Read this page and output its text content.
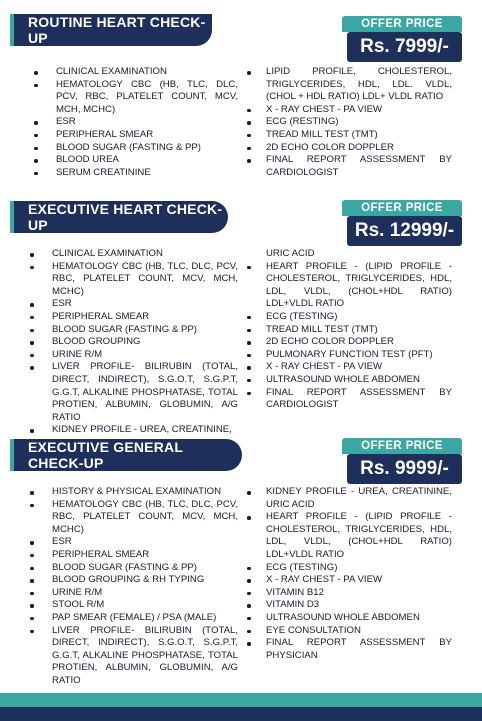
ROUTINE HEART CHECK-UP
OFFER PRICE
Rs. 7999/-
CLINICAL EXAMINATION
HEMATOLOGY CBC (HB, TLC, DLC, PCV, RBC, PLATELET COUNT, MCV, MCH, MCHC)
ESR
PERIPHERAL SMEAR
BLOOD SUGAR (FASTING & PP)
BLOOD UREA
SERUM CREATININE
LIPID PROFILE, CHOLESTEROL, TRIGLYCERIDES, HDL, LDL. VLDL, (CHOL + HDL RATIO) LDL+ VLDL RATIO
X - RAY CHEST - PA VIEW
ECG (RESTING)
TREAD MILL TEST (TMT)
2D ECHO COLOR DOPPLER
FINAL REPORT ASSESSMENT BY CARDIOLOGIST
EXECUTIVE HEART CHECK-UP
OFFER PRICE
Rs. 12999/-
CLINICAL EXAMINATION
HEMATOLOGY CBC (HB, TLC, DLC, PCV, RBC, PLATELET COUNT, MCV, MCH, MCHC)
ESR
PERIPHERAL SMEAR
BLOOD SUGAR (FASTING & PP)
BLOOD GROUPING
URINE R/M
LIVER PROFILE- BILIRUBIN (TOTAL, DIRECT, INDIRECT), S.G.O.T, S.G.P.T, G.G.T, ALKALINE PHOSPHATASE, TOTAL PROTIEN, ALBUMIN, GLOBUMIN, A/G RATIO
KIDNEY PROFILE - UREA, CREATININE,
URIC ACID
HEART PROFILE - (LIPID PROFILE - CHOLESTEROL, TRIGLYCERIDES, HDL, LDL, VLDL, (CHOL+HDL RATIO) LDL+VLDL RATIO
ECG (TESTING)
TREAD MILL TEST (TMT)
2D ECHO COLOR DOPPLER
PULMONARY FUNCTION TEST (PFT)
X - RAY CHEST - PA VIEW
ULTRASOUND WHOLE ABDOMEN
FINAL REPORT ASSESSMENT BY CARDIOLOGIST
EXECUTIVE GENERAL CHECK-UP
OFFER PRICE
Rs. 9999/-
HISTORY & PHYSICAL EXAMINATION
HEMATOLOGY CBC (HB, TLC, DLC, PCV, RBC, PLATELET COUNT, MCV, MCH, MCHC)
ESR
PERIPHERAL SMEAR
BLOOD SUGAR (FASTING & PP)
BLOOD GROUPING & RH TYPING
URINE R/M
STOOL R/M
PAP SMEAR (FEMALE) / PSA (MALE)
LIVER PROFILE- BILIRUBIN (TOTAL, DIRECT, INDIRECT), S.G.O.T, S.G.P.T, G.G.T, ALKALINE PHOSPHATASE, TOTAL PROTIEN, ALBUMIN, GLOBUMIN, A/G RATIO
KIDNEY PROFILE - UREA, CREATININE, URIC ACID
HEART PROFILE - (LIPID PROFILE - CHOLESTEROL, TRIGLYCERIDES, HDL, LDL, VLDL, (CHOL+HDL RATIO) LDL+VLDL RATIO
ECG (TESTING)
X - RAY CHEST - PA VIEW
VITAMIN B12
VITAMIN D3
ULTRASOUND WHOLE ABDOMEN
EYE CONSULTATION
FINAL REPORT ASSESSMENT BY PHYSICIAN
